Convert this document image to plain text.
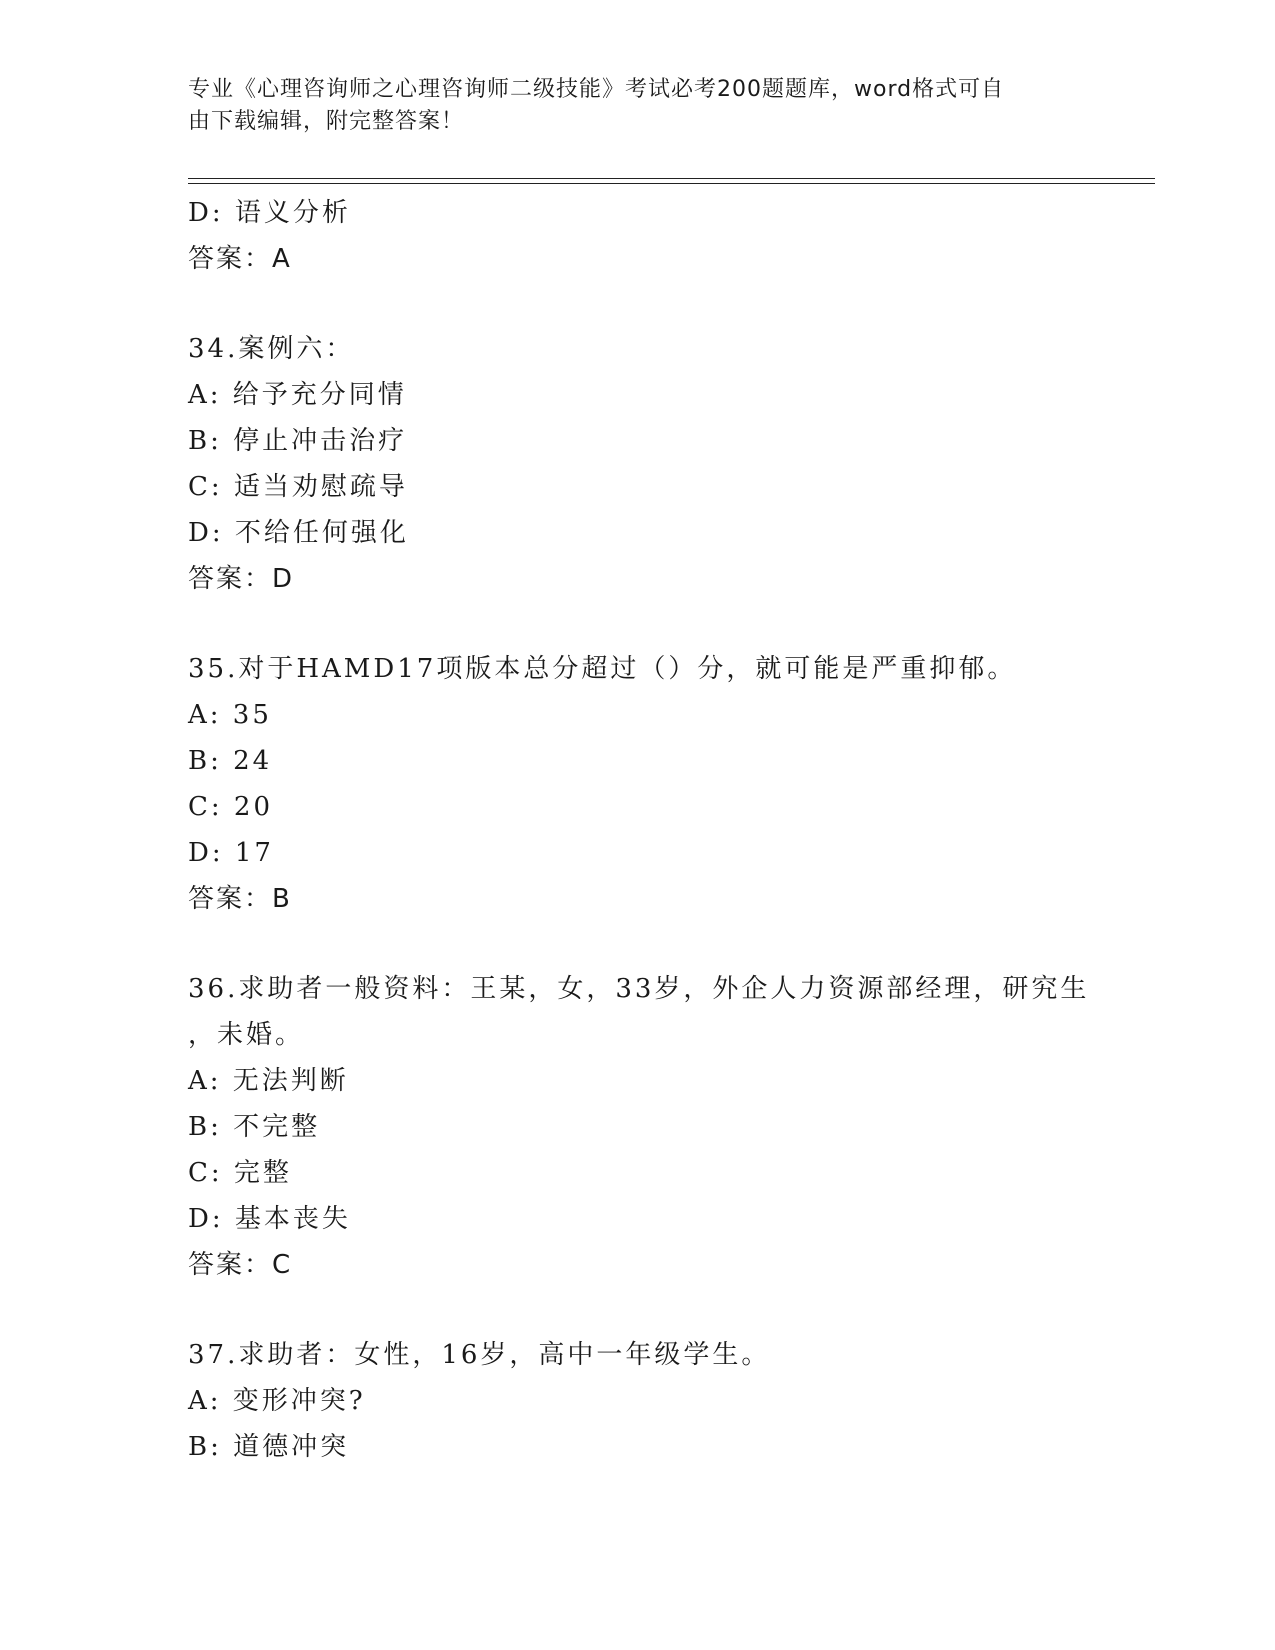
专业《心理咨询师之心理咨询师二级技能》考试必考200题题库，word格式可自
由下载编辑，附完整答案！
D: 语义分析
答案：A
34.案例六：
A: 给予充分同情
B: 停止冲击治疗
C: 适当劝慰疏导
D: 不给任何强化
答案：D
35.对于HAMD17项版本总分超过（）分，就可能是严重抑郁。
A: 35
B: 24
C: 20
D: 17
答案：B
36.求助者一般资料：王某，女，33岁，外企人力资源部经理，研究生
，未婚。
A: 无法判断
B: 不完整
C: 完整
D: 基本丧失
答案：C
37.求助者：女性，16岁，高中一年级学生。
A: 变形冲突?
B: 道德冲突
